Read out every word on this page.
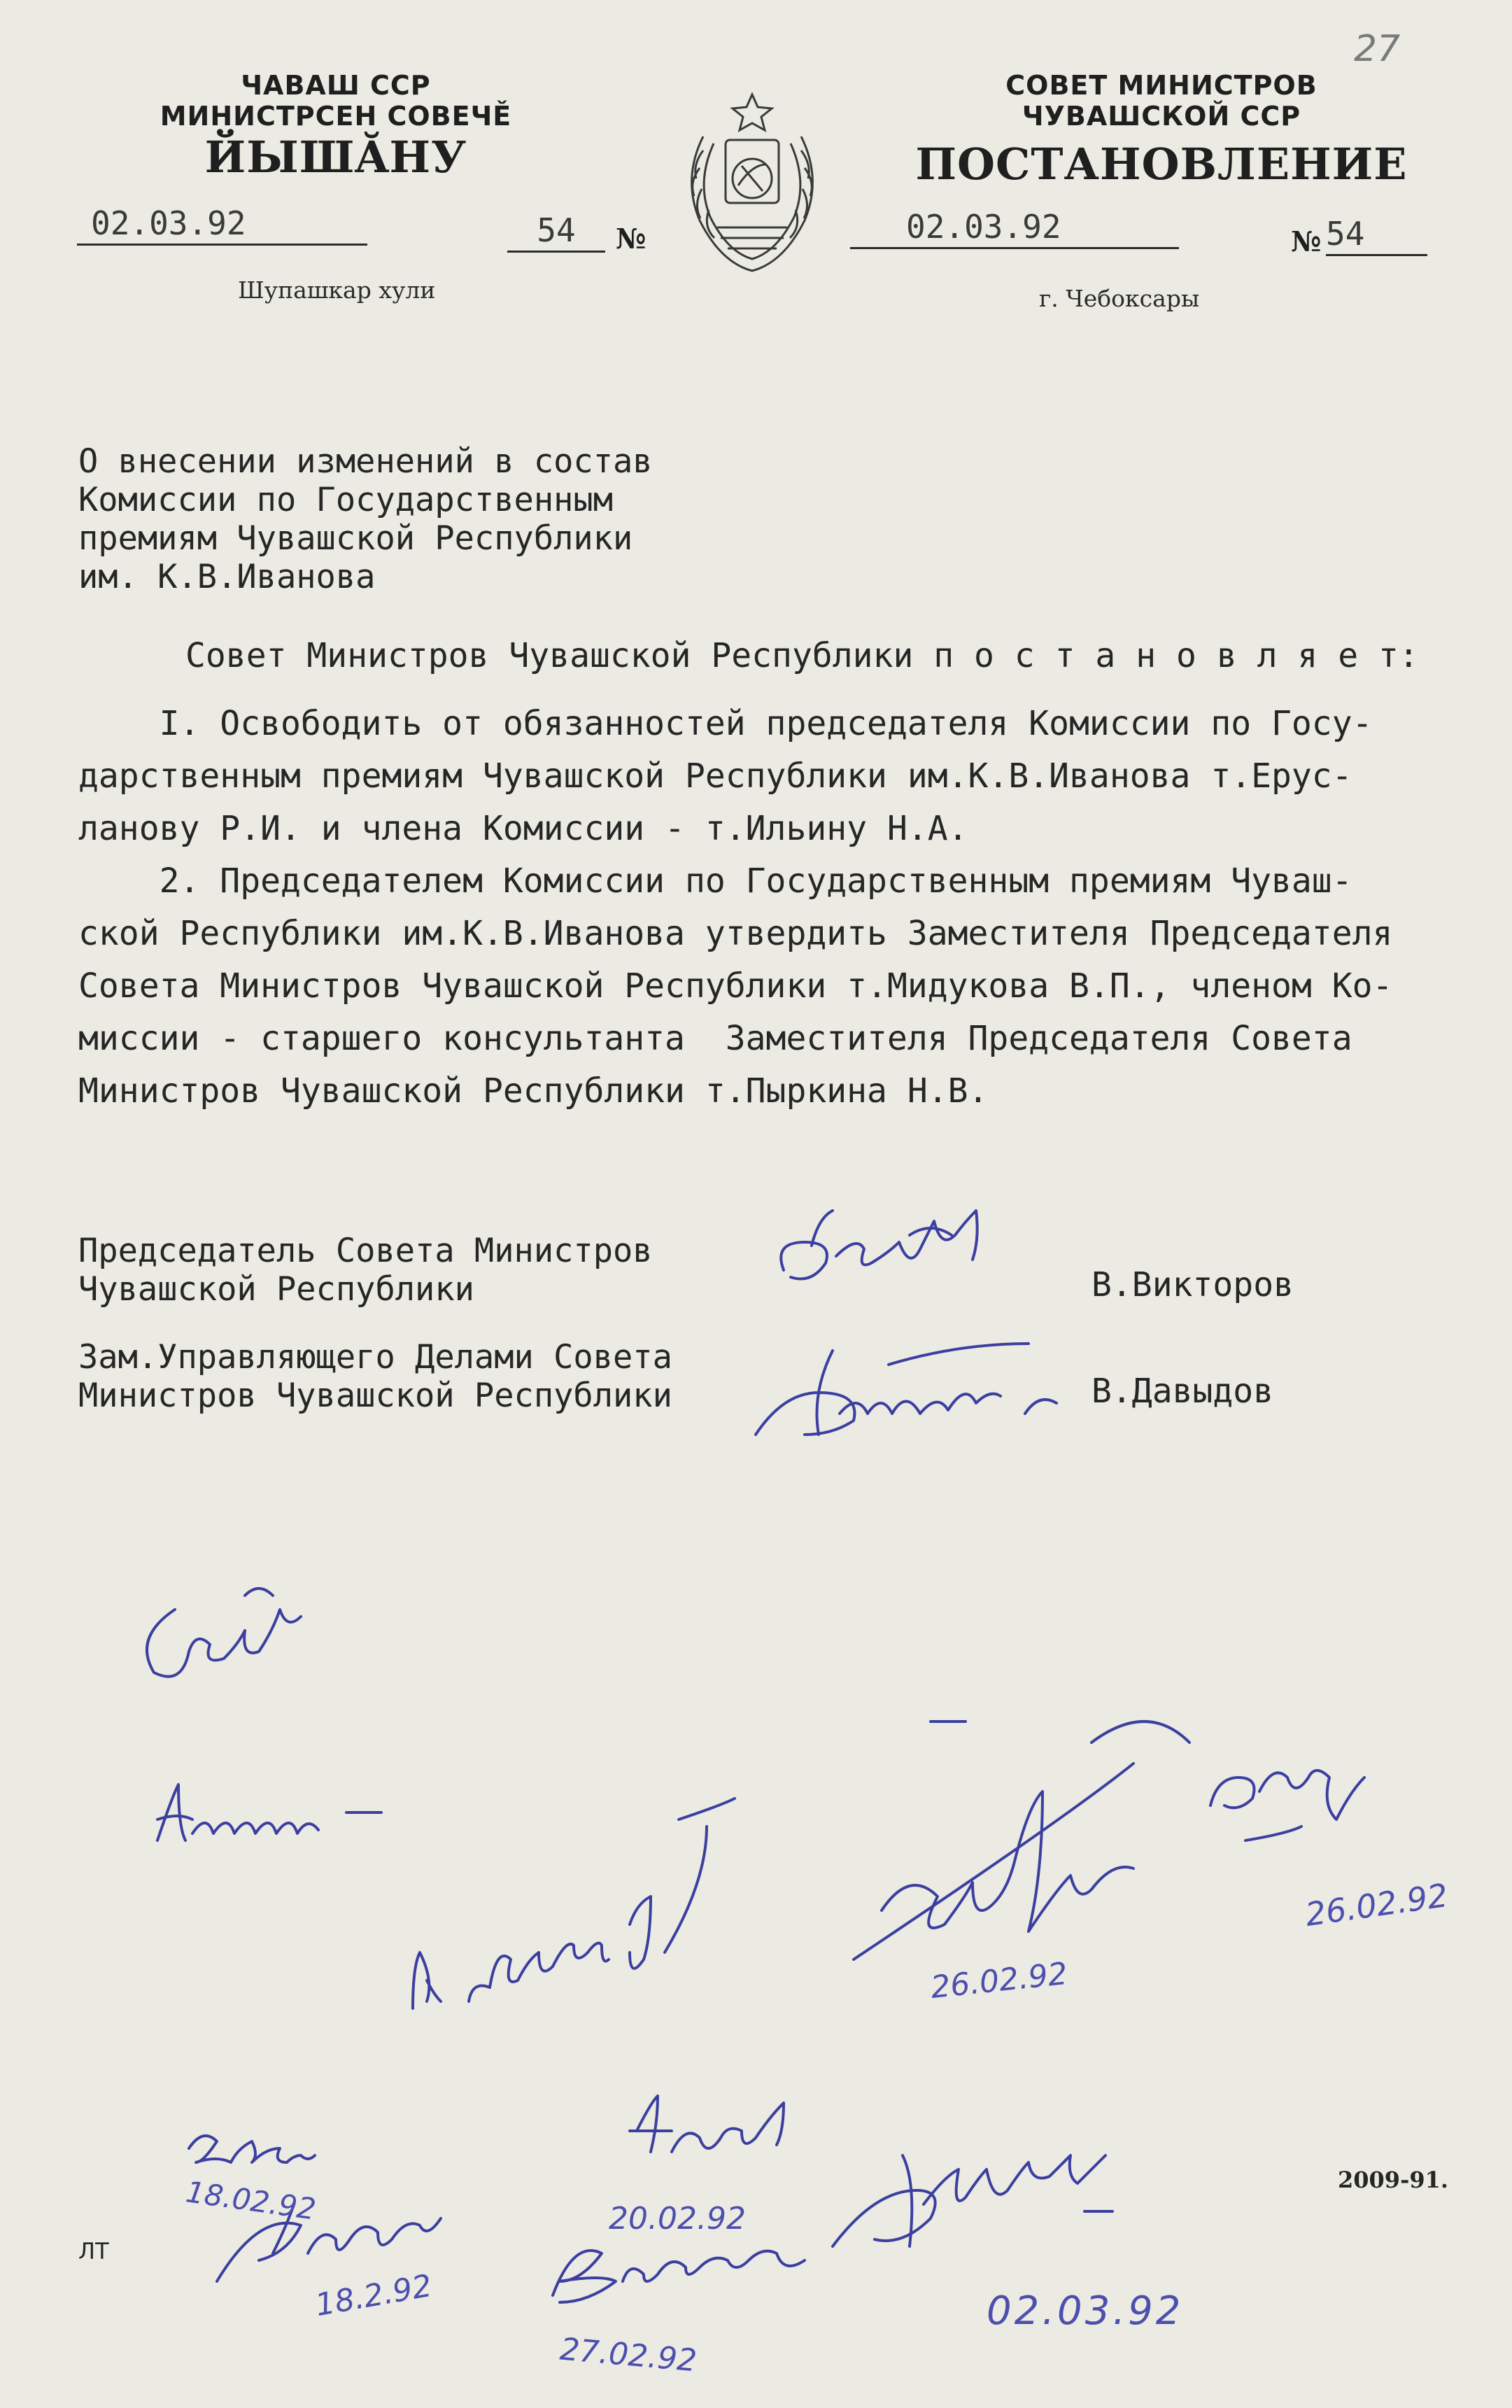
27
ЧАВАШ ССР
МИНИСТРСЕН СОВЕЧĚ
ЙЫШĂНУ
02.03.92	54	№
Шупашкар хули
СОВЕТ МИНИСТРОВ
ЧУВАШСКОЙ ССР
ПОСТАНОВЛЕНИЕ
02.03.92	№ 54
г. Чебоксары
О внесении изменений в состав
Комиссии по Государственным
премиям Чувашской Республики
им. К.В.Иванова
Совет Министров Чувашской Республики п о с т а н о в л я е т:
I. Освободить от обязанностей председателя Комиссии по Госу-
дарственным премиям Чувашской Республики им.К.В.Иванова т.Ерус-
ланову Р.И. и члена Комиссии - т.Ильину Н.А.
2. Председателем Комиссии по Государственным премиям Чуваш-
ской Республики им.К.В.Иванова утвердить Заместителя Председателя
Совета Министров Чувашской Республики т.Мидукова В.П., членом Ко-
миссии - старшего консультанта  Заместителя Председателя Совета
Министров Чувашской Республики т.Пыркина Н.В.
Председатель Совета Министров
Чувашской Республики	В.Викторов
Зам.Управляющего Делами Совета
Министров Чувашской Республики	В.Давыдов
26.02.92
26.02.92
18.02.92	20.02.92
18.2.92
27.02.92
02.03.92
2009-91.
ЛТ
